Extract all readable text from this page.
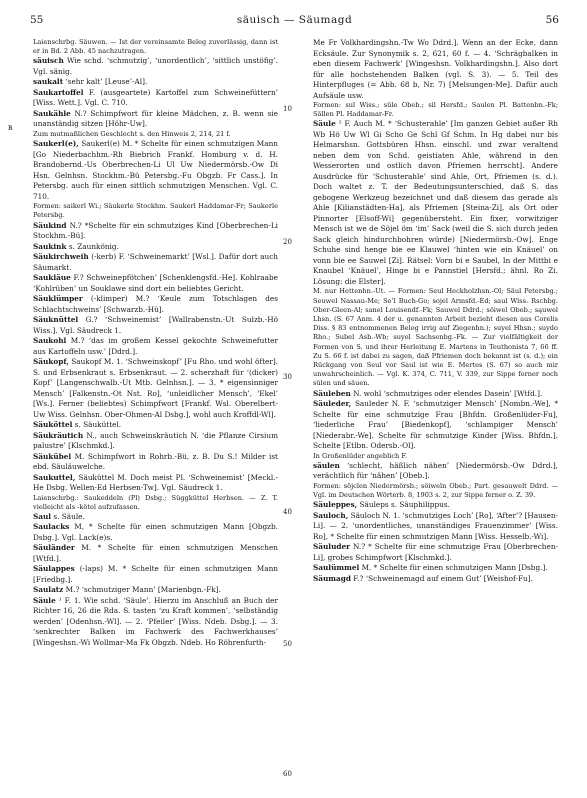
55	säuisch — Säumagd	56
ʀ

Laienschrbg. Säuwen. — Ist der vereinsamte Beleg zuverlässig, dann ist er in Bd. 2 Abb. 45 nachzutragen.

säuisch Wie schd. ‘schmutzig’, ‘unordentlich’, ‘sittlich unstöfig’. Vgl. sänig.

saukalt ‘sehr kalt’ [Leuse’-Al].

Saukartoffel F. (ausgeartete) Kartoffel zum Schweinefüttern’ [Wiss. Wett.]. Vgl. C. 710.

Saukähle N.? Schimpfwort für kleine Mädchen, z. B. wenn sie unanständig sitzen [Höhr-Uw].

Zum mutmaßlichen Geschlecht s. den Hinweis 2, 214, 21 f.

Saukerl(e), Saukerl(e) M. * Schelte für einen schmutzigen Mann [Go Niederbachhm.-Rh Biebrich Frankf. Homburg v. d. H. Brandobernd.-Us Oberbrechen-Li Ul Uw Niedermörsb.-Ow Di Hsn. Gelnhsn. Stockhm.-Bü Petersbg.-Fu Obgzb. Fr Cass.]. In Petersbg. auch für einen sittlich schmutzigen Menschen. Vgl. C. 710.

Formen: saikerl Wi.; Säukerle Stockhm. Saukerl Haddamar-Fr; Saukerle Petersbg.

Säukind N.? *Schelte für ein schmutziges Kind [Oberbrechen-Li Stockhm.-Bü].

Saukink s. Zaunkönig.

Säukirchweih (-kerb) F. ‘Schweinemarkt’ [Wsl.]. Dafür dort auch Säumarkt.

Saukläue F.? Schweinepfötchen’ [Schenklengsfd.-He]. Kohlraabe ‘Kohlrüben’ un Souklawe sind dort ein beliebtes Gericht.

Säuklümper (-klimper) M.? ‘Keule zum Totschlagen des Schlachtschweins’ [Schwarzb.-Hü].

Säuknüttel G.? ‘Schweinemist’ [Wallrabenstn.-Ut Sulzb.-Hö Wiss.]. Vgl. Säudreck 1.

Saukohl M.? ‘das im großem Kessel gekochte Schweinefutter aus Kartoffeln usw.’ [Ddrd.].

Säukopf, Saukopf M. 1. ‘Schweinskopf’ [Fu Rho. und wohl öfter]. S. und Erbsenkraut s. Erbsenkraut. — 2. scherzhaft für ‘(dicker) Kopf’ [Langenschwalb.-Ut Mtb. Gelnhsn.]. — 3. * eigensinniger Mensch’ [Falkenstn.-Ot Nst. Ro], ‘unleidlicher Mensch’, ‘Ekel’ [Ws.]. Ferner (beliebtes) Schimpfwort [Frankf. Wsl. Oberelbert-Uw Wiss. Gelnhsn. Ober-Ohmen-Al Dsbg.], wohl auch Kroffdl-Wl].

Säuköttel s. Säuküttel.

Säukräutich N., auch Schweinskräutich N. ‘die Pflanze Cirsium palustre’ [Klschmkd.].

Säukübel M. Schimpfwort in Rohrb.-Bü, z. B. Du S.! Milder ist ebd. Säuläuwelche.

Saukuttel, Säuküttel M. Doch meist Pl. ‘Schweinemist’ [Meckl.-He Dsbg. Wellen-Ed Herbsen-Tw]. Vgl. Säudreck 1.

Laienschrbg.: Saukeddeln (Pl) Dsbg.; Süggküttel Herbsen. — Z. T. vielleicht als -kötel aufzufassen.

Saul s. Säule.

Saulacks M, * Schelte für einen schmutzigen Mann [Obgzb. Dsbg.]. Vgl. Lack(e)s.

Säuländer M. * Schelte für einen schmutzigen Menschen [Wtfd.].

Säulappes (-laps) M. * Schelte für einen schmutzigen Mann [Friedbg.].

Saulatz M.? ‘schmutziger Mann’ [Marienbgn.-Fk].

Säule ¹ F. 1. Wie schd. ‘Säule’. Hierzu im Anschluß an Buch der Richter 16, 26 die Rda. S. tasten ‘zu Kraft kommen’, ‘selbständig werden’ [Odenhsn.-Wl]. — 2. ‘Pfeiler’ [Wiss. Ndeb. Dsbg.]. — 3. ‘senkrechter Balken im Fachwerk des Fachwerkhauses’ [Wingeshsn.-Wi Wollmar-Ma Fk Obgzb. Ndeb. Ho Röhrenfurth-

10
20
30
40
50
60

Me Fr Volkhardingshn.-Tw Wo Ddrd.]. Wenn an der Ecke, dann Ecksäule. Zur Synonymik s. 2, 621, 60 f. — 4. ‘Schrägbalken in eben diesem Fachwerk’ [Wingeshsn. Volkhardingshn.]. Also dort für alle hochstehenden Balken (vgl. S. 3). — 5. Teil des Hinterpfluges (= Abb. 68 b, Nr. 7) [Melsungen-Me]. Dafür auch Aufsäule usw.

Formen: sul Wiss.; süle Obeb.; sil Hersfd.; Saulen Pl. Battenbn.-Fk; Sällen Pl. Haddamar-Fr.

Säule ² F. Auch M. * ‘Schusterahle’ [Im ganzen Gebiet außer Rh Wb Hö Uw Wl Gi Scho Ge Schl Gf Schm. In Hg dabei nur bis Helmarshsn. Gottsbüren Hhsn. einschl. und zwar veraltend neben dem von Schd. geistiaten Ahle, während in den Wesserorten und ostlich davon Pfriemen herrscht]. Andere Ausdrücke für ‘Schusterahle’ sind Ahle, Ort, Pfriemen (s. d.). Doch waltet z. T. der Bedeutungsunterschied, daß S. das gebogene Werkzeug bezeichnet und daß diesem das gerade als Ahle [Kilianstädten-Ha], als Pfriemen [Steina-Zi], als Ort oder Pinnorter [Elsoff-Wi] gegenübersteht. Ein fixer, vorwitziger Mensch ist we de Söjel öm ‘im’ Sack (weil die S. sich durch jeden Sack gleich hindurchbohren würde) [Niedermörsb.-Ow]. Enge Schuhe sind henge bie ee Klauwel ‘hinten wie ein Knäuel’ on vonn bie ee Sauwel [Zi]. Rätsel: Vorn bi e Saubel, In der Mittbi e Knaubel ‘Knäuel’, Hinge bi e Pannstiel [Hersfd.; ähnl. Ro Zi. Lösung: die Elster].

M. nur Hettenhn.-Ut. — Formen: Seul Heckholzhsn.-Ol; Säul Petersbg.; Seuwel Nassau-Me; Se’l Buch-Go; sojel Armsfd.-Ed; saul Wiss. Rschbg. Ober-Gleen-Al; sanel Louisendf.-Fk; Sauwel Ddrd.; söiwel Obeb.; sąuwel Lhsn. (S. 67 Anm. 4 der u. genannten Arbeit bezieht diesen aus Corelis Diss. § 83 entnommenen Beleg irrig auf Ziegenhn.); suyel Hhsn.; suydo Rho.; Subel Asb.-Wb; suyel Sachsenbg.-Fk. — Zur vielfältigkeit der Formen von S. und ihrer Herleitung E. Martens in Teuthonista 7, 66 ff. Zu S. 66 f. ist dabei zu sagen, daß Pfriemen doch bekannt ist (s. d.); ein Rückgang von Seul vor Saul ist wie E. Mertes (S. 67) so auch mir unwahrscheinlich. — Vgl. K. 374, C. 711, V. 339, zur Sippe ferner noch sülen und säuen.

Säuleben N. wohl ‘schmutziges oder elendes Dasein’ [Wtfd.].

Säuleder, Sauleder N. F. ‘schmutziger Mensch’ [Nombn.-We], * Schelte für eine schmutzige Frau [Bhfdn. Großenlüder-Fu], ‘liederliche Frau’ [Biedenkopf], ‘schlampiger Mensch’ [Niederabr.-We]. Schelte für schmutzige Kinder [Wiss. Bhfdn.]. Schelte [Etlbn. Odersb.-Ol].

In Großenlüder angeblich F.

säulen ‘schlecht, häßlich nähen’ [Niedermörsb.-Ow Ddrd.], verächtlich für ‘nähen’ [Obeb.].

Formen: söjclen Niedermörsb.; söiweln Obeb.; Part. gesauwelt Ddrd. — Vgl. im Deutschen Wörterb. 8, 1903 s. 2, zur Sippe ferner o. Z. 39.

Säuleppes, Säuleps s. Säuphilippus.

Sauloch, Säuloch N. 1. ‘schmutziges Loch’ [Ro], ‘After’? [Hausen-Li]. — 2. ‘unordentliches, unanständiges Frauenzimmer’ [Wiss. Ro], * Schelte für einen schmutzigen Mann [Wiss. Hesselb.-Wi].

Säuluder N.? * Schelte für eine schmutzige Frau [Oberbrechen-Li], grobes Schimpfwort [Klschmkd.].

Saulümmel M. * Schelte für einen schmutzigen Mann [Dsbg.].

Säumagd F.? ‘Schweinemagd auf einem Gut’ [Weishof-Fu].
